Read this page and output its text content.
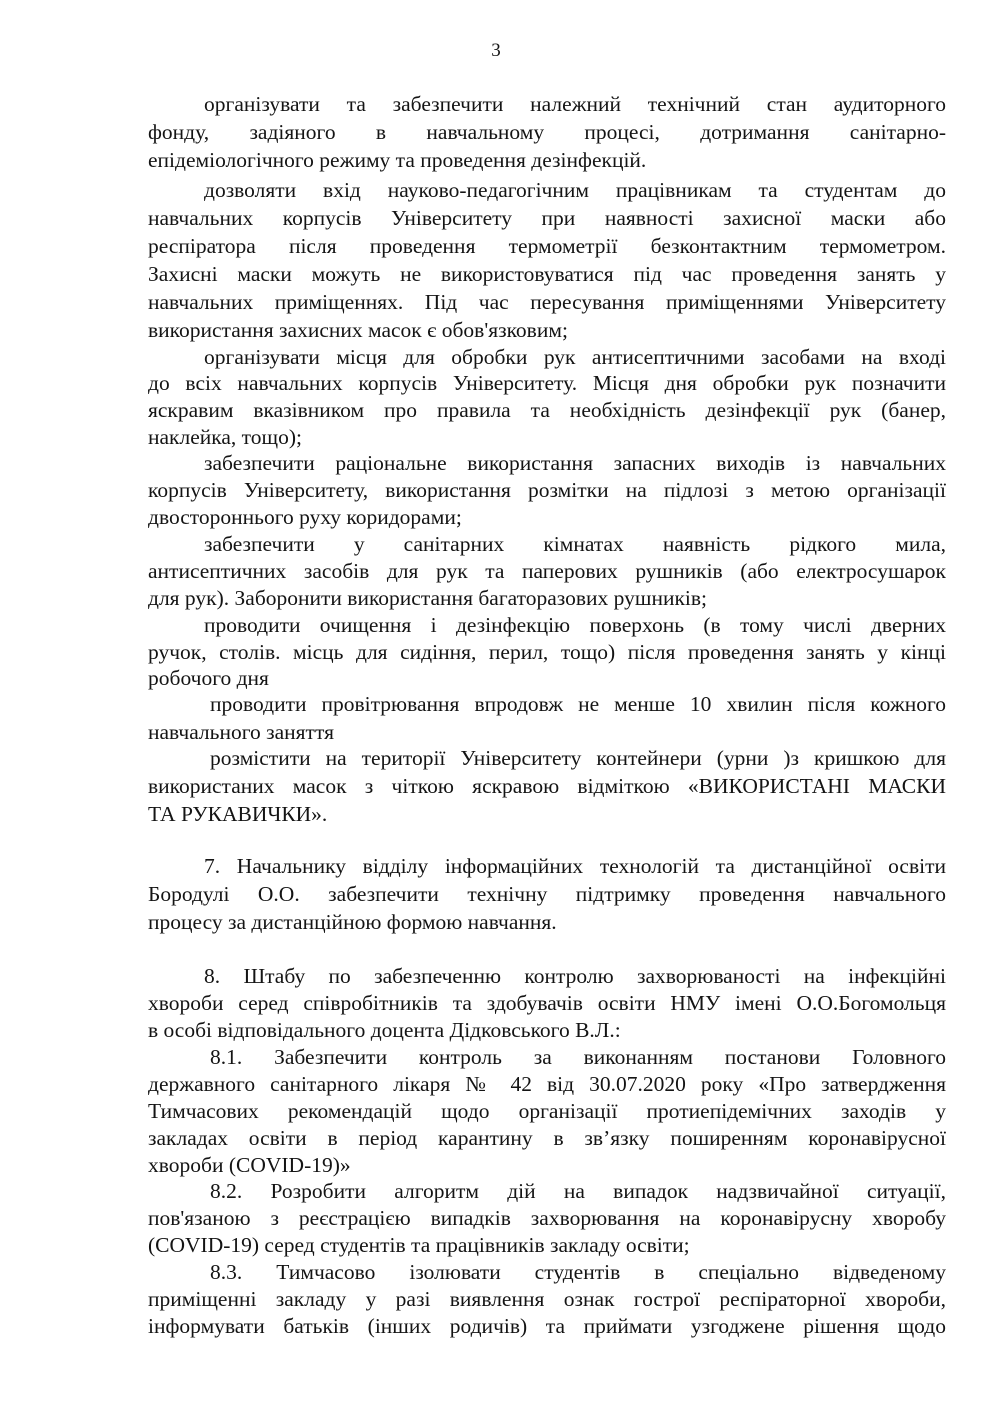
3
організувати та забезпечити належний технічний стан аудиторного
фонду, задіяного в навчальному процесі, дотримання санітарно-
епідеміологічного режиму та проведення дезінфекцій.
дозволяти вхід науково-педагогічним працівникам та студентам до
навчальних корпусів Університету при наявності захисної маски або
респіратора після проведення термометрії безконтактним термометром.
Захисні маски можуть не використовуватися під час проведення занять у
навчальних приміщеннях. Під час пересування приміщеннями Університету
використання захисних масок є обов'язковим;
організувати місця для обробки рук антисептичними засобами на вході
до всіх навчальних корпусів Університету. Місця дня обробки рук позначити
яскравим вказівником про правила та необхідність дезінфекції рук (банер,
наклейка, тощо);
забезпечити раціональне використання запасних виходів із навчальних
корпусів Університету, використання розмітки на підлозі з метою організації
двостороннього руху коридорами;
забезпечити у санітарних кімнатах наявність рідкого мила,
антисептичних засобів для рук та паперових рушників (або електросушарок
для рук). Заборонити використання багаторазових рушників;
проводити очищення і дезінфекцію поверхонь (в тому числі дверних
ручок, столів. місць для сидіння, перил, тощо) після проведення занять у кінці
робочого дня
проводити провітрювання впродовж не менше 10 хвилин після кожного
навчального заняття
розмістити на території Університету контейнери (урни )з кришкою для
використаних масок з чіткою яскравою відміткою «ВИКОРИСТАНІ МАСКИ
ТА РУКАВИЧКИ».
7. Начальнику відділу інформаційних технологій та дистанційної освіти
Бородулі О.О. забезпечити технічну підтримку проведення навчального
процесу за дистанційною формою навчання.
8. Штабу по забезпеченню контролю захворюваності на інфекційні
хвороби серед співробітників та здобувачів освіти НМУ імені О.О.Богомольця
в особі відповідального доцента Дідковського В.Л.:
8.1. Забезпечити контроль за виконанням постанови Головного
державного санітарного лікаря № 42 від 30.07.2020 року «Про затвердження
Тимчасових рекомендацій щодо організації протиепідемічних заходів у
закладах освіти в період карантину в зв’язку поширенням коронавірусної
хвороби (COVID-19)»
8.2. Розробити алгоритм дій на випадок надзвичайної ситуації,
пов'язаною з реєстрацією випадків захворювання на коронавірусну хворобу
(COVID-19) серед студентів та працівників закладу освіти;
8.3. Тимчасово ізолювати студентів в спеціально відведеному
приміщенні закладу у разі виявлення ознак гострої респіраторної хвороби,
інформувати батьків (інших родичів) та приймати узгоджене рішення щодо
